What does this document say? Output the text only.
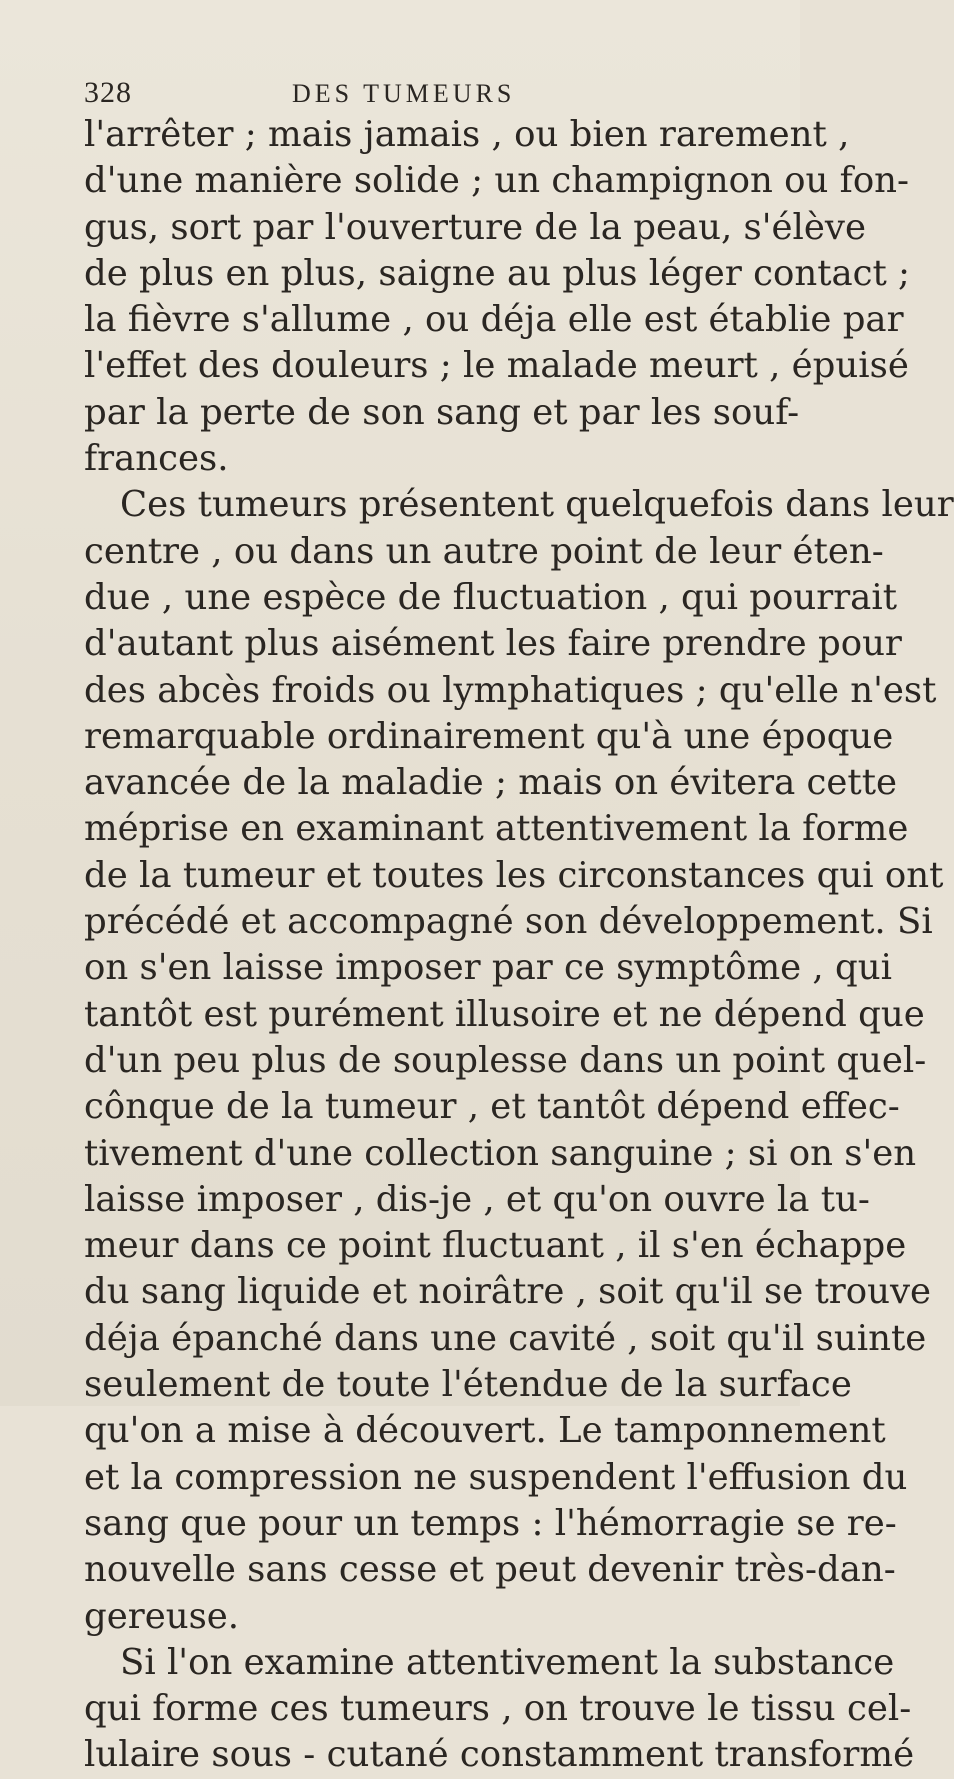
328	DES TUMEURS
l'arrêter ; mais jamais , ou bien rarement ,
d'une manière solide ; un champignon ou fon-
gus, sort par l'ouverture de la peau, s'élève
de plus en plus, saigne au plus léger contact ;
la fièvre s'allume , ou déja elle est établie par
l'effet des douleurs ; le malade meurt , épuisé
par la perte de son sang et par les souf-
frances.
Ces tumeurs présentent quelquefois dans leur
centre , ou dans un autre point de leur éten-
due , une espèce de fluctuation , qui pourrait
d'autant plus aisément les faire prendre pour
des abcès froids ou lymphatiques ; qu'elle n'est
remarquable ordinairement qu'à une époque
avancée de la maladie ; mais on évitera cette
méprise en examinant attentivement la forme
de la tumeur et toutes les circonstances qui ont
précédé et accompagné son développement. Si
on s'en laisse imposer par ce symptôme , qui
tantôt est purément illusoire et ne dépend que
d'un peu plus de souplesse dans un point quel-
cônque de la tumeur , et tantôt dépend effec-
tivement d'une collection sanguine ; si on s'en
laisse imposer , dis-je , et qu'on ouvre la tu-
meur dans ce point fluctuant , il s'en échappe
du sang liquide et noirâtre , soit qu'il se trouve
déja épanché dans une cavité , soit qu'il suinte
seulement de toute l'étendue de la surface
qu'on a mise à découvert. Le tamponnement
et la compression ne suspendent l'effusion du
sang que pour un temps : l'hémorragie se re-
nouvelle sans cesse et peut devenir très-dan-
gereuse.
Si l'on examine attentivement la substance
qui forme ces tumeurs , on trouve le tissu cel-
lulaire sous - cutané constamment transformé
